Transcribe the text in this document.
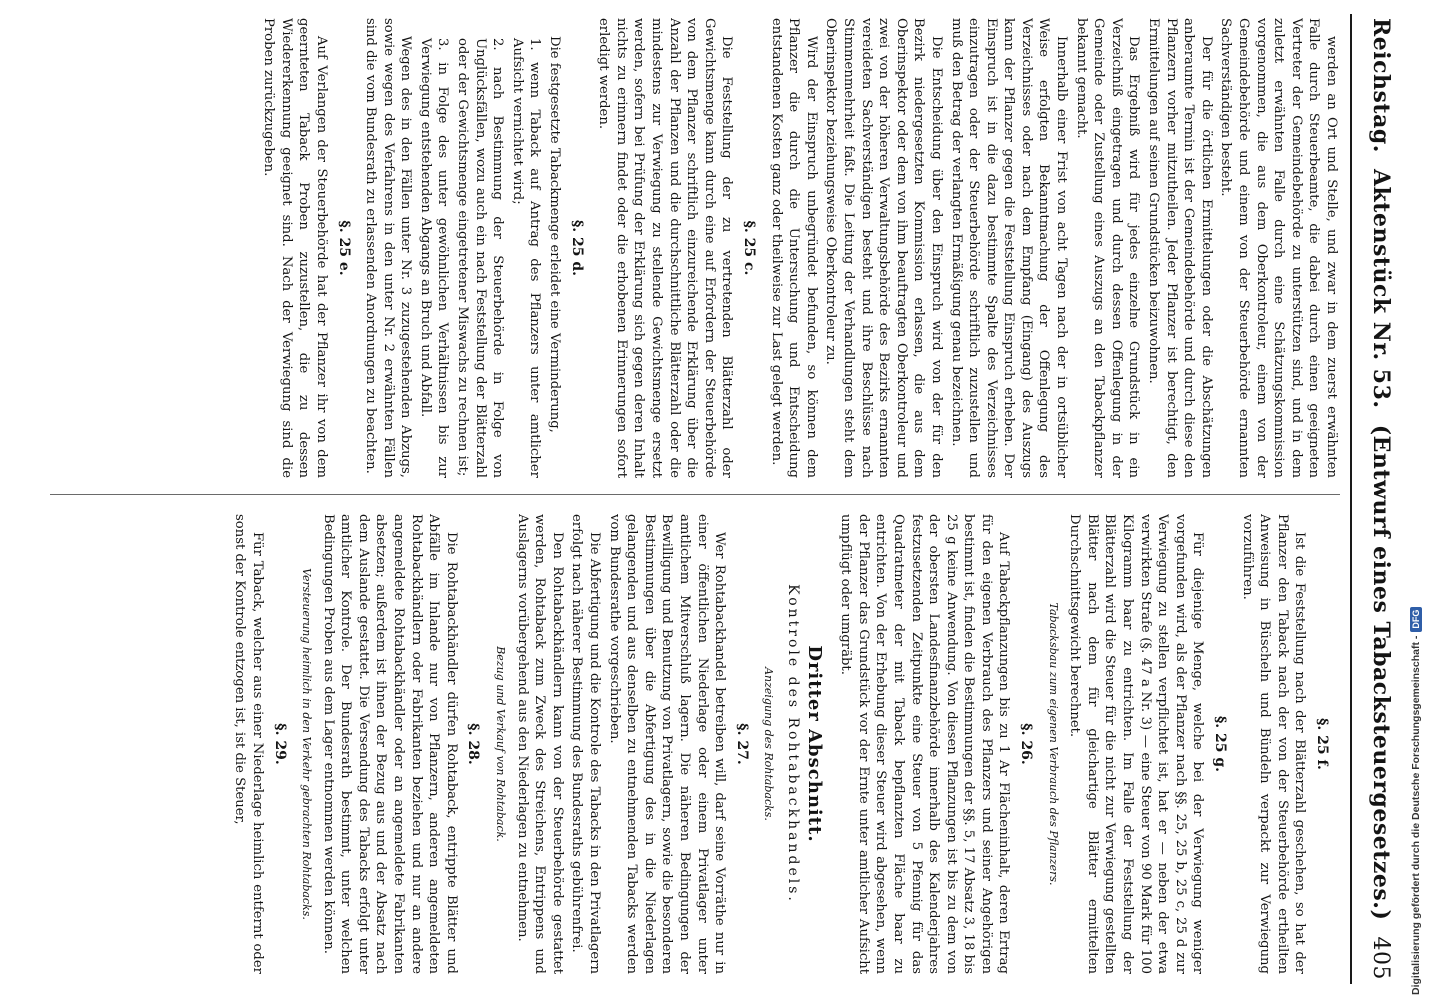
Reichstag.
Aktenstück Nr. 53.
(Entwurf eines Tabacksteuergesetzes.)
405

werden an Ort und Stelle, und zwar in dem zuerst erwähnten Falle durch Steuerbeamte, die dabei durch einen geeigneten Vertreter der Gemeindebehörde zu unterstützen sind, und in dem zuletzt erwähnten Falle durch eine Schätzungskommission vorgenommen, die aus dem Oberkontroleur, einem von der Gemeindebehörde und einem von der Steuerbehörde ernannten Sachverständigen besteht.

Der für die örtlichen Ermittelungen oder die Abschätzungen anberaumte Termin ist der Gemeindebehörde und durch diese den Pflanzern vorher mitzutheilen. Jeder Pflanzer ist berechtigt, den Ermittelungen auf seinen Grundstücken beizuwohnen.

Das Ergebniß wird für jedes einzelne Grundstück in ein Verzeichniß eingetragen und durch dessen Offenlegung in der Gemeinde oder Zustellung eines Auszugs an den Tabackpflanzer bekannt gemacht.

Innerhalb einer Frist von acht Tagen nach der in ortsüblicher Weise erfolgten Bekanntmachung der Offenlegung des Verzeichnisses oder nach dem Empfang (Eingang) des Auszugs kann der Pflanzer gegen die Feststellung Einspruch erheben. Der Einspruch ist in die dazu bestimmte Spalte des Verzeichnisses einzutragen oder der Steuerbehörde schriftlich zuzustellen und muß den Betrag der verlangten Ermäßigung genau bezeichnen.

Die Entscheidung über den Einspruch wird von der für den Bezirk niedergesetzten Kommission erlassen, die aus dem Oberinspektor oder dem von ihm beauftragten Oberkontroleur und zwei von der höheren Verwaltungsbehörde des Bezirks ernannten vereideten Sachverständigen besteht und ihre Beschlüsse nach Stimmenmehrheit faßt. Die Leitung der Verhandlungen steht dem Oberinspektor beziehungsweise Oberkontroleur zu.

Wird der Einspruch unbegründet befunden, so können dem Pflanzer die durch die Untersuchung und Entscheidung entstandenen Kosten ganz oder theilweise zur Last gelegt werden.

§. 25 c.

Die Feststellung der zu vertretenden Blätterzahl oder Gewichtsmenge kann durch eine auf Erfordern der Steuerbehörde von dem Pflanzer schriftlich einzureichende Erklärung über die Anzahl der Pflanzen und die durchschnittliche Blätterzahl oder die mindestens zur Verwiegung zu stellende Gewichtsmenge ersetzt werden, sofern bei Prüfung der Erklärung sich gegen deren Inhalt nichts zu erinnern findet oder die erhobenen Erinnerungen sofort erledigt werden.

§. 25 d.

Die festgesetzte Tabackmenge erleidet eine Verminderung,

1. wenn Taback auf Antrag des Pflanzers unter amtlicher Aufsicht vernichtet wird;
2. nach Bestimmung der Steuerbehörde in Folge von Unglücksfällen, wozu auch ein nach Feststellung der Blätterzahl oder der Gewichtsmenge eingetretener Miswachs zu rechnen ist;
3. in Folge des unter gewöhnlichen Verhältnissen bis zur Verwiegung entstehenden Abgangs an Bruch und Abfall.

Wegen des in den Fällen unter Nr. 3 zuzugestehenden Abzugs, sowie wegen des Verfahrens in den unter Nr. 2 erwähnten Fällen sind die vom Bundesrath zu erlassenden Anordnungen zu beachten.

§. 25 e.

Auf Verlangen der Steuerbehörde hat der Pflanzer ihr von dem geernteten Taback Proben zuzustellen, die zu dessen Wiedererkennung geeignet sind. Nach der Verwiegung sind die Proben zurückzugeben.

§. 25 f.

Ist die Feststellung nach der Blätterzahl geschehen, so hat der Pflanzer den Taback nach der von der Steuerbehörde ertheilten Anweisung in Büscheln und Bündeln verpackt zur Verwiegung vorzuführen.

§. 25 g.

Für diejenige Menge, welche bei der Verwiegung weniger vorgefunden wird, als der Pflanzer nach §§. 25, 25 b, 25 c, 25 d zur Verwiegung zu stellen verpflichtet ist, hat er — neben der etwa verwirkten Strafe (§. 47 a Nr. 3) — eine Steuer von 90 Mark für 100 Kilogramm baar zu entrichten. Im Falle der Feststellung der Blätterzahl wird die Steuer für die nicht zur Verwiegung gestellten Blätter nach dem für gleichartige Blätter ermittelten Durchschnittsgewicht berechnet.

Tabacksbau zum eigenen Verbrauch des Pflanzers.

§. 26.

Auf Tabackpflanzungen bis zu 1 Ar Flächeninhalt, deren Ertrag für den eigenen Verbrauch des Pflanzers und seiner Angehörigen bestimmt ist, finden die Bestimmungen der §§. 5, 17 Absatz 3, 18 bis 25 g keine Anwendung. Von diesen Pflanzungen ist bis zu dem von der obersten Landesfinanzbehörde innerhalb des Kalenderjahres festzusetzenden Zeitpunkte eine Steuer von 5 Pfennig für das Quadratmeter der mit Taback bepflanzten Fläche baar zu entrichten. Von der Erhebung dieser Steuer wird abgesehen, wenn der Pflanzer das Grundstück vor der Ernte unter amtlicher Aufsicht umpflügt oder umgräbt.

Dritter Abschnitt.

Kontrole des Rohtabackhandels.

Anzeigung des Rohtabacks.

§. 27.

Wer Rohtabackhandel betreiben will, darf seine Vorräthe nur in einer öffentlichen Niederlage oder einem Privatlager unter amtlichem Mitverschluß lagern. Die näheren Bedingungen der Bewilligung und Benutzung von Privatlagern, sowie die besonderen Bestimmungen über die Abfertigung des in die Niederlagen gelangenden und aus denselben zu entnehmenden Tabacks werden vom Bundesrathe vorgeschrieben.

Die Abfertigung und die Kontrole des Tabacks in den Privatlagern erfolgt nach näherer Bestimmung des Bundesraths gebührenfrei.

Den Rohtabackhändlern kann von der Steuerbehörde gestattet werden, Rohtaback zum Zweck des Streichens, Entrippens und Auslagerns vorübergehend aus den Niederlagen zu entnehmen.

Bezug und Verkauf von Rohtaback.

§. 28.

Die Rohtabackhändler dürfen Rohtaback, entrippte Blätter und Abfälle im Inlande nur von Pflanzern, anderen angemeldeten Rohtabackhändlern oder Fabrikanten beziehen und nur an andere angemeldete Rohtabackhändler oder an angemeldete Fabrikanten absetzen; außerdem ist ihnen der Bezug aus und der Absatz nach dem Auslande gestattet. Die Versendung des Tabacks erfolgt unter amtlicher Kontrole. Der Bundesrath bestimmt, unter welchen Bedingungen Proben aus dem Lager entnommen werden können.

Versteuerung heimlich in den Verkehr gebrachten Rohtabacks.

§. 29.

Für Taback, welcher aus einer Niederlage heimlich entfernt oder sonst der Kontrole entzogen ist, ist die Steuer,	Digitalisierung gefördert durch die Deutsche Forschungsgemeinschaft -
DFG
